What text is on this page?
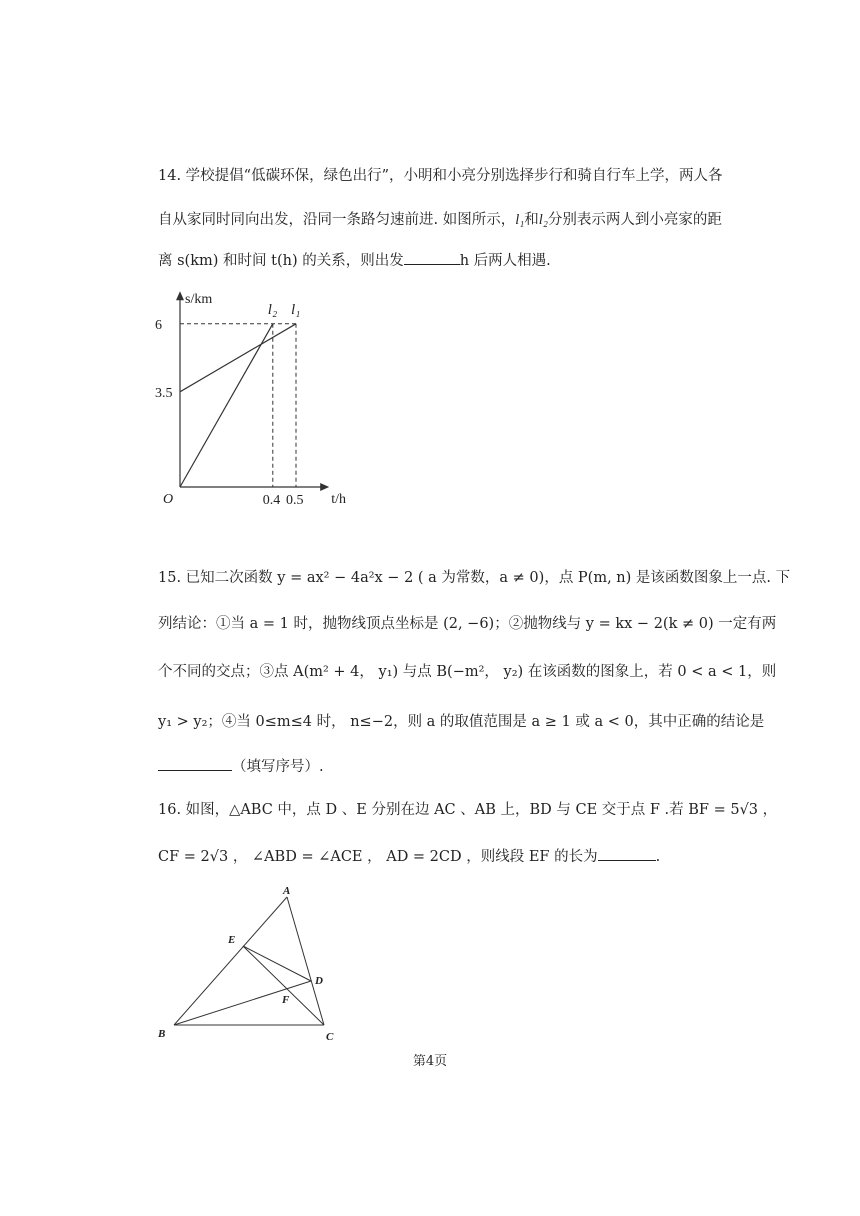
14. 学校提倡“低碳环保，绿色出行”，小明和小亮分别选择步行和骑自行车上学，两人各
自从家同时同向出发，沿同一条路匀速前进. 如图所示，l₁和l₂分别表示两人到小亮家的距
离 s(km) 和时间 t(h) 的关系，则出发	h 后两人相遇.
s/km
t/h
O
3.5
6
0.4 0.5
l₁
l₂
15. 已知二次函数 y = ax² − 4a²x − 2 ( a 为常数，a ≠ 0)，点 P(m, n) 是该函数图象上一点. 下
列结论：①当 a = 1 时，抛物线顶点坐标是 (2, −6)；②抛物线与 y = kx − 2(k ≠ 0) 一定有两
个不同的交点；③点 A(m² + 4， y₁) 与点 B(−m²， y₂) 在该函数的图象上，若 0 < a < 1，则
y₁ > y₂；④当 0≤m≤4 时， n≤−2，则 a 的取值范围是 a ≥ 1 或 a < 0，其中正确的结论是
（填写序号）.
16. 如图，△ABC 中，点 D 、E 分别在边 AC 、AB 上，BD 与 CE 交于点 F .若 BF = 5√3 ，
CF = 2√3 ， ∠ABD = ∠ACE ， AD = 2CD ，则线段 EF 的长为	.
A
E
D
F
B	C
第4页
